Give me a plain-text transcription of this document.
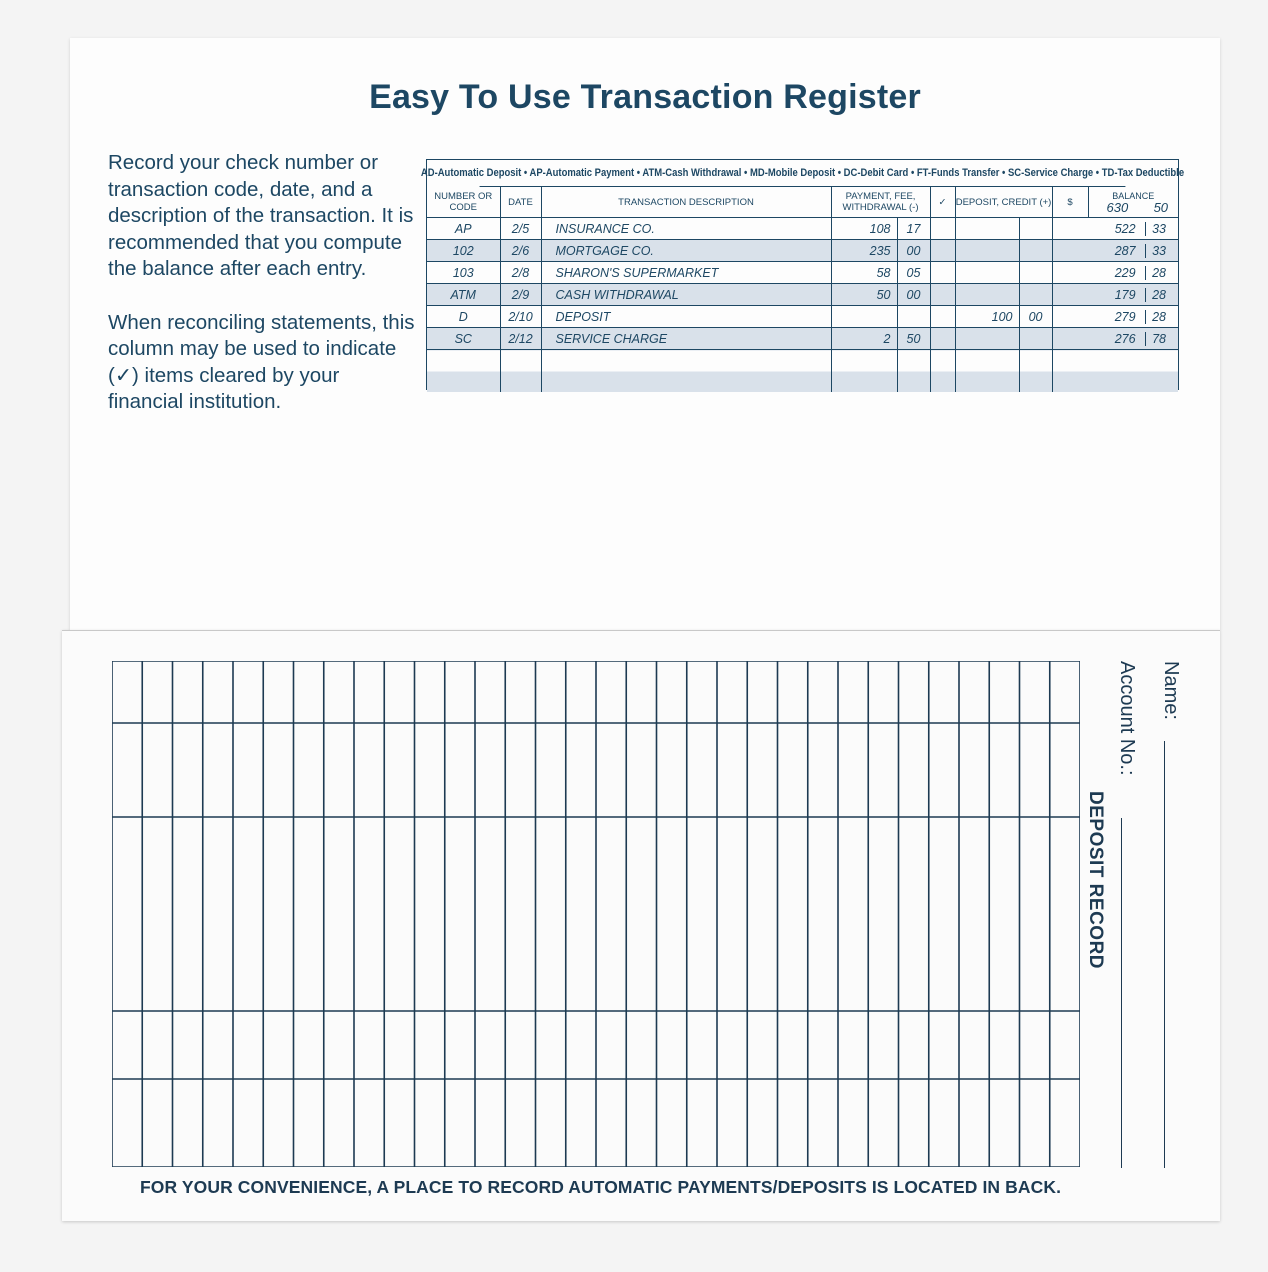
Easy To Use Transaction Register

Record your check number or transaction code, date, and a description of the transaction. It is recommended that you compute the balance after each entry.

When reconciling statements, this column may be used to indicate (✓) items cleared by your financial institution.

AD-Automatic Deposit • AP-Automatic Payment • ATM-Cash Withdrawal • MD-Mobile Deposit • DC-Debit Card • FT-Funds Transfer • SC-Service Charge • TD-Tax Deductible
NUMBER OR CODE	DATE	TRANSACTION DESCRIPTION	PAYMENT, FEE, WITHDRAWAL (-)		✓	DEPOSIT, CREDIT (+)		$	BALANCE
630 50

AP	2/5	INSURANCE CO.	108	17				522 33	
102	2/6	MORTGAGE CO.	235	00				287 33	
103	2/8	SHARON'S SUPERMARKET	58	05				229 28	
ATM	2/9	CASH WITHDRAWAL	50	00				179 28	
D	2/10	DEPOSIT				100	00	279 28	
SC	2/12	SERVICE CHARGE	2	50				276 78	

DEPOSIT RECORD
Account No.: Name:
FOR YOUR CONVENIENCE, A PLACE TO RECORD AUTOMATIC PAYMENTS/DEPOSITS IS LOCATED IN BACK.
